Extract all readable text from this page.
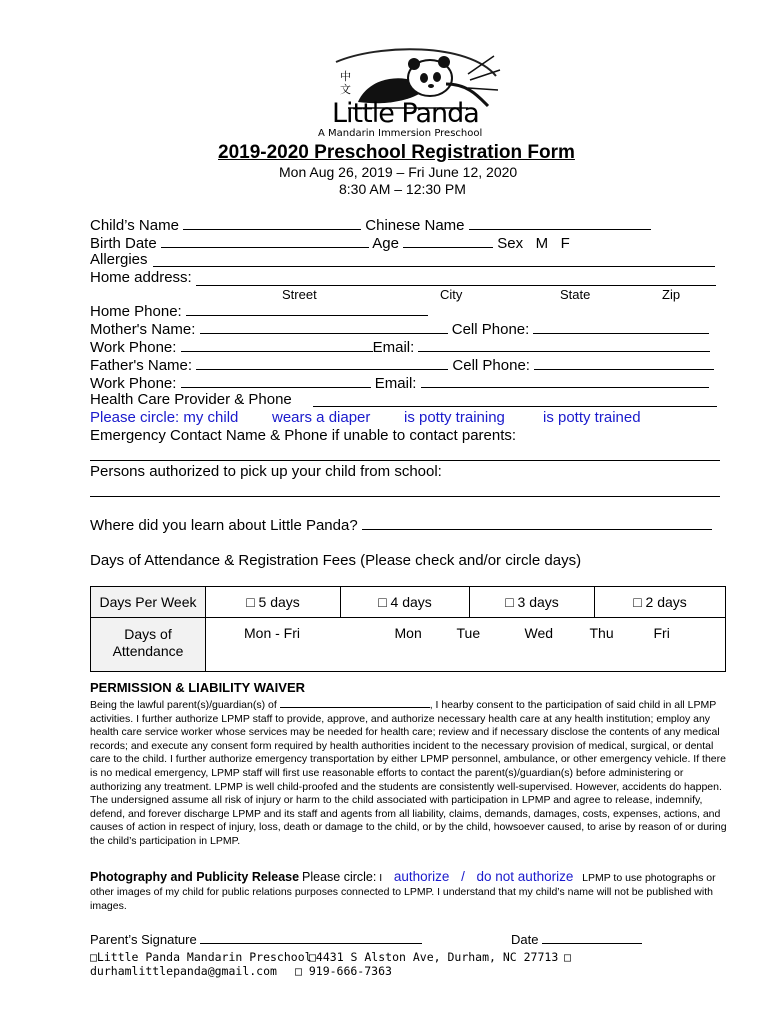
中
文
Little Panda
A Mandarin Immersion Preschool
2019-2020 Preschool Registration Form
Mon Aug 26, 2019 – Fri June 12, 2020
8:30 AM – 12:30 PM
Child’s Name	Chinese Name
Birth Date	Age	Sex M F
Allergies
Home address:
Street	City	State	Zip
Home Phone:
Mother's Name:	Cell Phone:
Work Phone:	Email:
Father's Name:	Cell Phone:
Work Phone:	Email:
Health Care Provider & Phone
Please circle: my child wears a diaper is potty training	is potty trained
Emergency Contact Name & Phone if unable to contact parents:
Persons authorized to pick up your child from school:
Where did you learn about Little Panda?
Days of Attendance & Registration Fees (Please check and/or circle days)
Days Per Week	□ 5 days	□ 4 days	□ 3 days	□ 2 days
Days of Attendance	Mon - Fri	Mon Tue Wed Thu Fri		
PERMISSION & LIABILITY WAIVER
Being the lawful parent(s)/guardian(s) of	, I hearby consent to the participation of said child in all LPMP activities. I further authorize LPMP staff to provide, approve, and authorize necessary health care at any health institution; employ any health care service worker whose services may be needed for health care; review and if necessary disclose the contents of any medical records; and execute any consent form required by health authorities incident to the necessary provision of medical, surgical, or dental care to the child. I further authorize emergency transportation by either LPMP personnel, ambulance, or other emergency vehicle. If there is no medical emergency, LPMP staff will first use reasonable efforts to contact the parent(s)/guardian(s) before administering or authorizing any treatment. LPMP is well child-proofed and the students are consistently well-supervised. However, accidents do happen. The undersigned assume all risk of injury or harm to the child associated with participation in LPMP and agree to release, indemnify, defend, and forever discharge LPMP and its staff and agents from all liability, claims, demands, damages, costs, expenses, actions, and causes of action in respect of injury, loss, death or damage to the child, or by the child, howsoever caused, to arise by reason of or during the child’s participation in LPMP.
Photography and Publicity Release Please circle: I authorize / do not authorize LPMP to use photographs or other images of my child for public relations purposes connected to LPMP. I understand that my child’s name will not be published with images.
Parent’s Signature	Date
□Little Panda Mandarin Preschool
□4431 S Alston Ave, Durham, NC 27713 □
durhamlittlepanda@gmail.com □ 919-666-7363
